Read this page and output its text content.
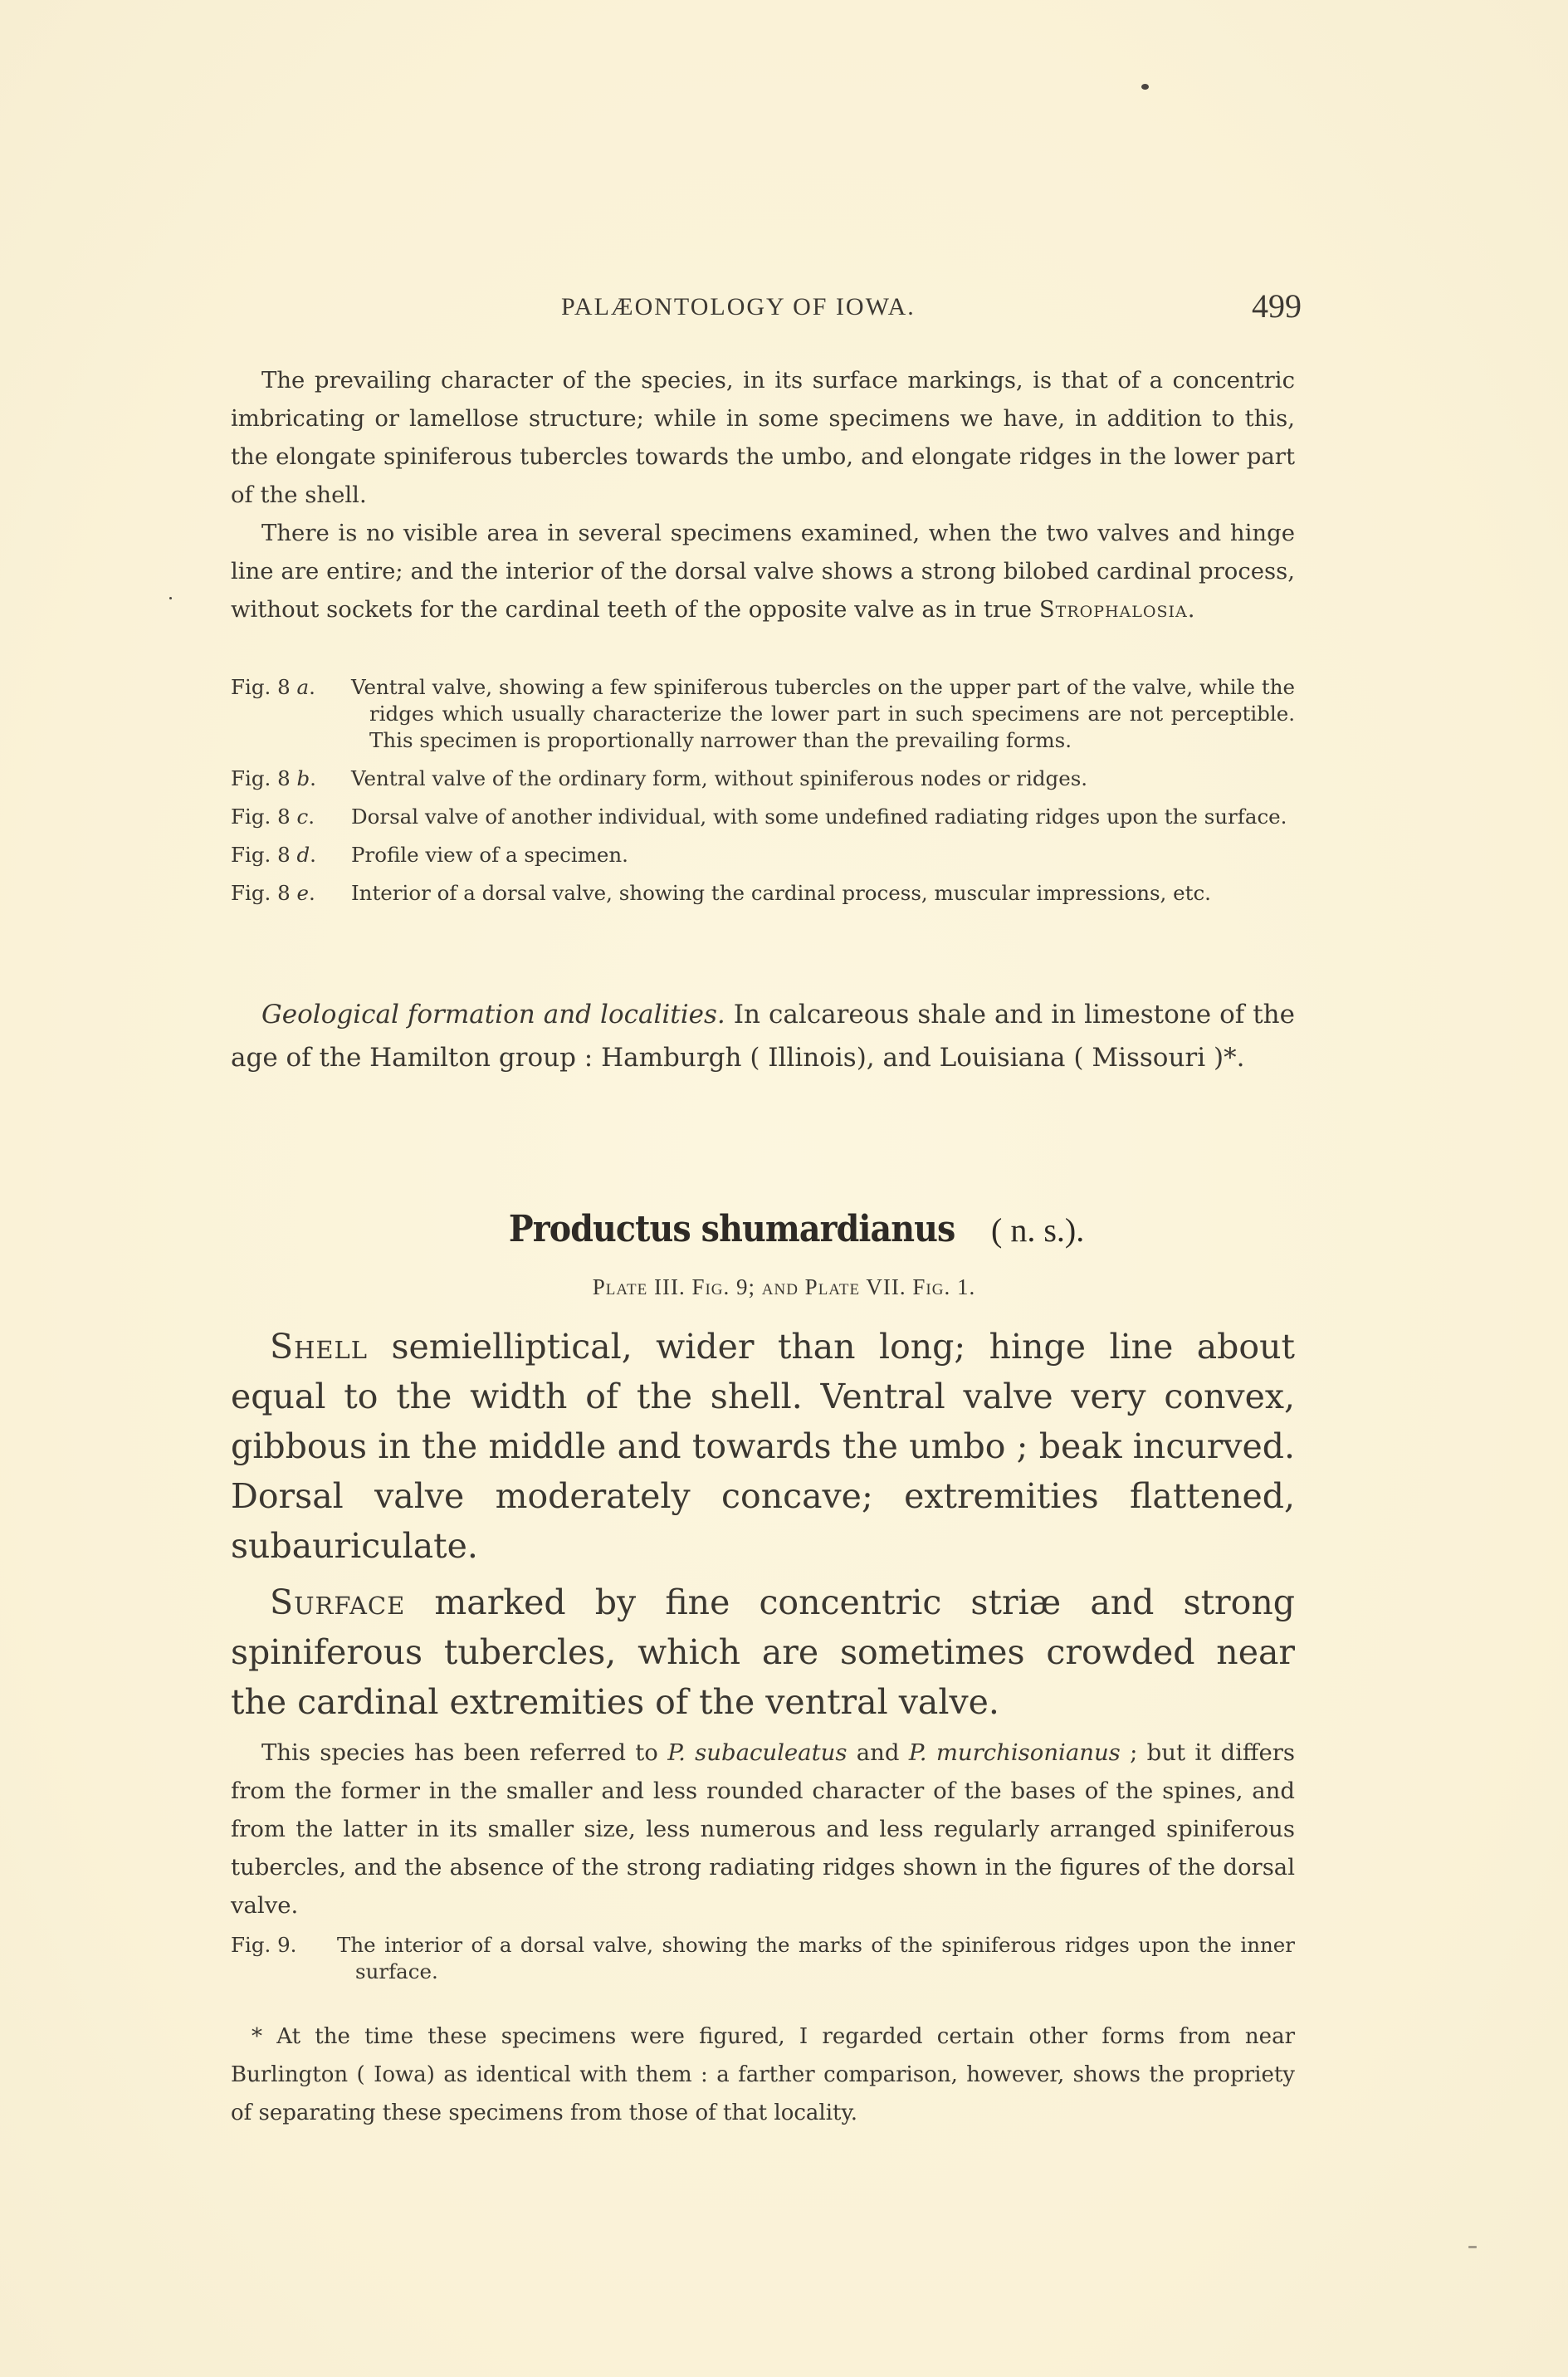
PALÆONTOLOGY OF IOWA.	499

The prevailing character of the species, in its surface markings, is that of a concentric imbricating or lamellose structure; while in some specimens we have, in addition to this, the elongate spiniferous tubercles towards the umbo, and elongate ridges in the lower part of the shell.

There is no visible area in several specimens examined, when the two valves and hinge line are entire; and the interior of the dorsal valve shows a strong bilobed cardinal process, without sockets for the cardinal teeth of the opposite valve as in true Strophalosia.

Fig. 8 a.	Ventral valve, showing a few spiniferous tubercles on the upper part of the valve, while the ridges which usually characterize the lower part in such specimens are not perceptible. This specimen is proportionally narrower than the prevailing forms.
Fig. 8 b.	Ventral valve of the ordinary form, without spiniferous nodes or ridges.
Fig. 8 c.	Dorsal valve of another individual, with some undefined radiating ridges upon the surface.
Fig. 8 d.	Profile view of a specimen.
Fig. 8 e.	Interior of a dorsal valve, showing the cardinal process, muscular impressions, etc.

Geological formation and localities. In calcareous shale and in limestone of the age of the Hamilton group : Hamburgh ( Illinois), and Louisiana ( Missouri )*.

Productus shumardianus ( n. s.).
Plate III. Fig. 9; and Plate VII. Fig. 1.

Shell semielliptical, wider than long; hinge line about equal to the width of the shell. Ventral valve very convex, gibbous in the middle and towards the umbo ; beak incurved. Dorsal valve moderately concave; extremities flattened, subauriculate.

Surface marked by fine concentric striæ and strong spiniferous tubercles, which are sometimes crowded near the cardinal extremities of the ventral valve.

This species has been referred to P. subaculeatus and P. murchisonianus ; but it differs from the former in the smaller and less rounded character of the bases of the spines, and from the latter in its smaller size, less numerous and less regularly arranged spiniferous tubercles, and the absence of the strong radiating ridges shown in the figures of the dorsal valve.

Fig. 9.	The interior of a dorsal valve, showing the marks of the spiniferous ridges upon the inner surface.

* At the time these specimens were figured, I regarded certain other forms from near Burlington ( Iowa) as identical with them : a farther comparison, however, shows the propriety of separating these specimens from those of that locality.
